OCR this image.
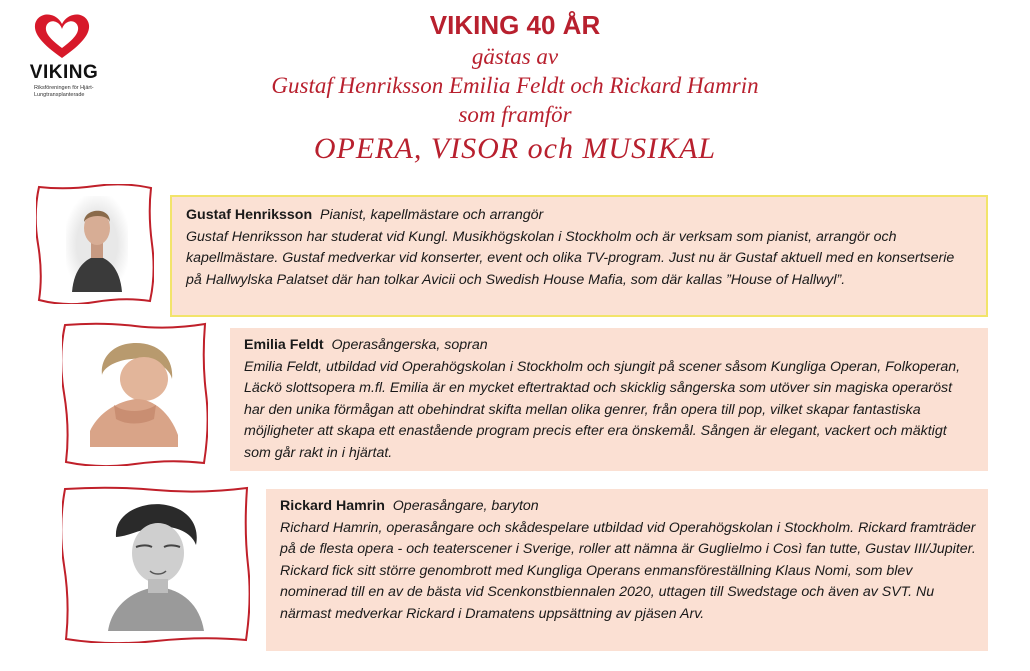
VIKING
Riksföreningen för Hjärt- Lungtransplanterade
VIKING 40 ÅR
gästas av
Gustaf Henriksson Emilia Feldt och Rickard Hamrin
som framför
OPERA, VISOR och MUSIKAL
Gustaf Henriksson Pianist, kapellmästare och arrangör
Gustaf Henriksson har studerat vid Kungl. Musikhögskolan i Stockholm och är verksam som pianist, arrangör och kapellmästare. Gustaf medverkar vid konserter, event och olika TV-program. Just nu är Gustaf aktuell med en konsertserie på Hallwylska Palatset där han tolkar Avicii och Swedish House Mafia, som där kallas ”House of Hallwyl”.
Emilia Feldt Operasångerska, sopran
Emilia Feldt, utbildad vid Operahögskolan i Stockholm och sjungit på scener såsom Kungliga Operan, Folkoperan, Läckö slottsopera m.fl. Emilia är en mycket eftertraktad och skicklig sångerska som utöver sin magiska operaröst har den unika förmågan att obehindrat skifta mellan olika genrer, från opera till pop, vilket skapar fantastiska möjligheter att skapa ett enastående program precis efter era önskemål. Sången är elegant, vackert och mäktigt som går rakt in i hjärtat.
Rickard Hamrin Operasångare, baryton
Richard Hamrin, operasångare och skådespelare utbildad vid Operahögskolan i Stockholm. Rickard framträder på de flesta opera - och teaterscener i Sverige, roller att nämna är Guglielmo i Così fan tutte, Gustav III/Jupiter. Rickard fick sitt större genombrott med Kungliga Operans enmansföreställning Klaus Nomi, som blev nominerad till en av de bästa vid Scenkonstbiennalen 2020, uttagen till Swedstage och även av SVT. Nu närmast medverkar Rickard i Dramatens uppsättning av pjäsen Arv.
